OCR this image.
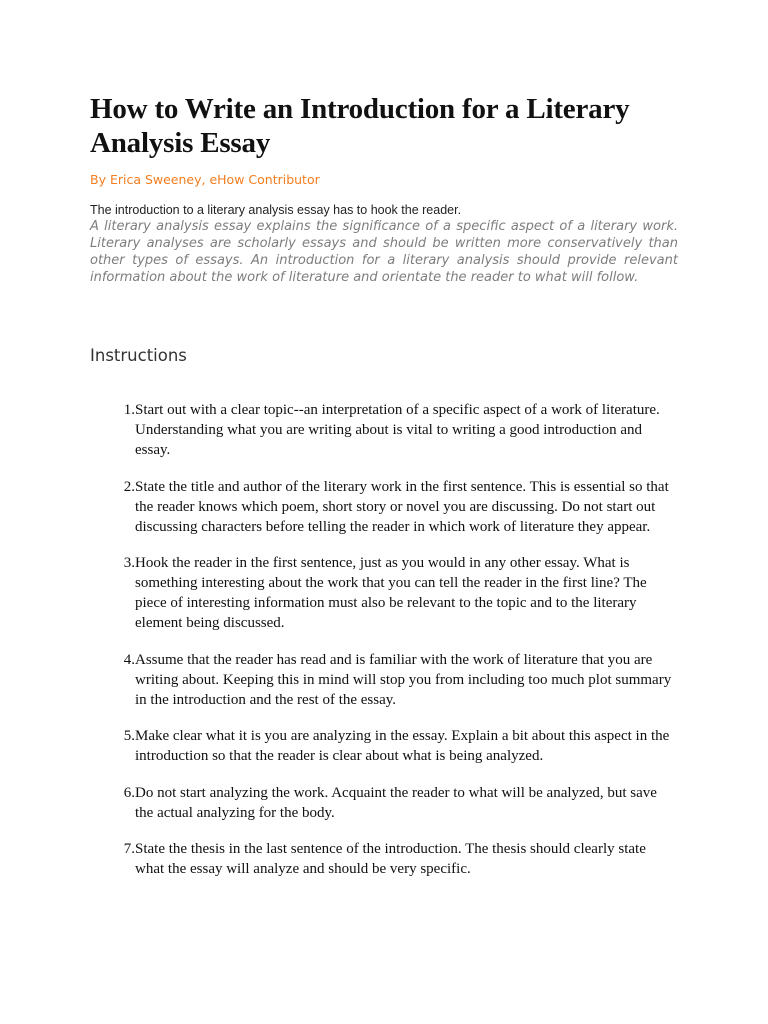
How to Write an Introduction for a Literary Analysis Essay
By Erica Sweeney, eHow Contributor
The introduction to a literary analysis essay has to hook the reader.
A literary analysis essay explains the significance of a specific aspect of a literary work. Literary analyses are scholarly essays and should be written more conservatively than other types of essays. An introduction for a literary analysis should provide relevant information about the work of literature and orientate the reader to what will follow.
Instructions
1. Start out with a clear topic--an interpretation of a specific aspect of a work of literature. Understanding what you are writing about is vital to writing a good introduction and essay.
2. State the title and author of the literary work in the first sentence. This is essential so that the reader knows which poem, short story or novel you are discussing. Do not start out discussing characters before telling the reader in which work of literature they appear.
3. Hook the reader in the first sentence, just as you would in any other essay. What is something interesting about the work that you can tell the reader in the first line? The piece of interesting information must also be relevant to the topic and to the literary element being discussed.
4. Assume that the reader has read and is familiar with the work of literature that you are writing about. Keeping this in mind will stop you from including too much plot summary in the introduction and the rest of the essay.
5. Make clear what it is you are analyzing in the essay. Explain a bit about this aspect in the introduction so that the reader is clear about what is being analyzed.
6. Do not start analyzing the work. Acquaint the reader to what will be analyzed, but save the actual analyzing for the body.
7. State the thesis in the last sentence of the introduction. The thesis should clearly state what the essay will analyze and should be very specific.
